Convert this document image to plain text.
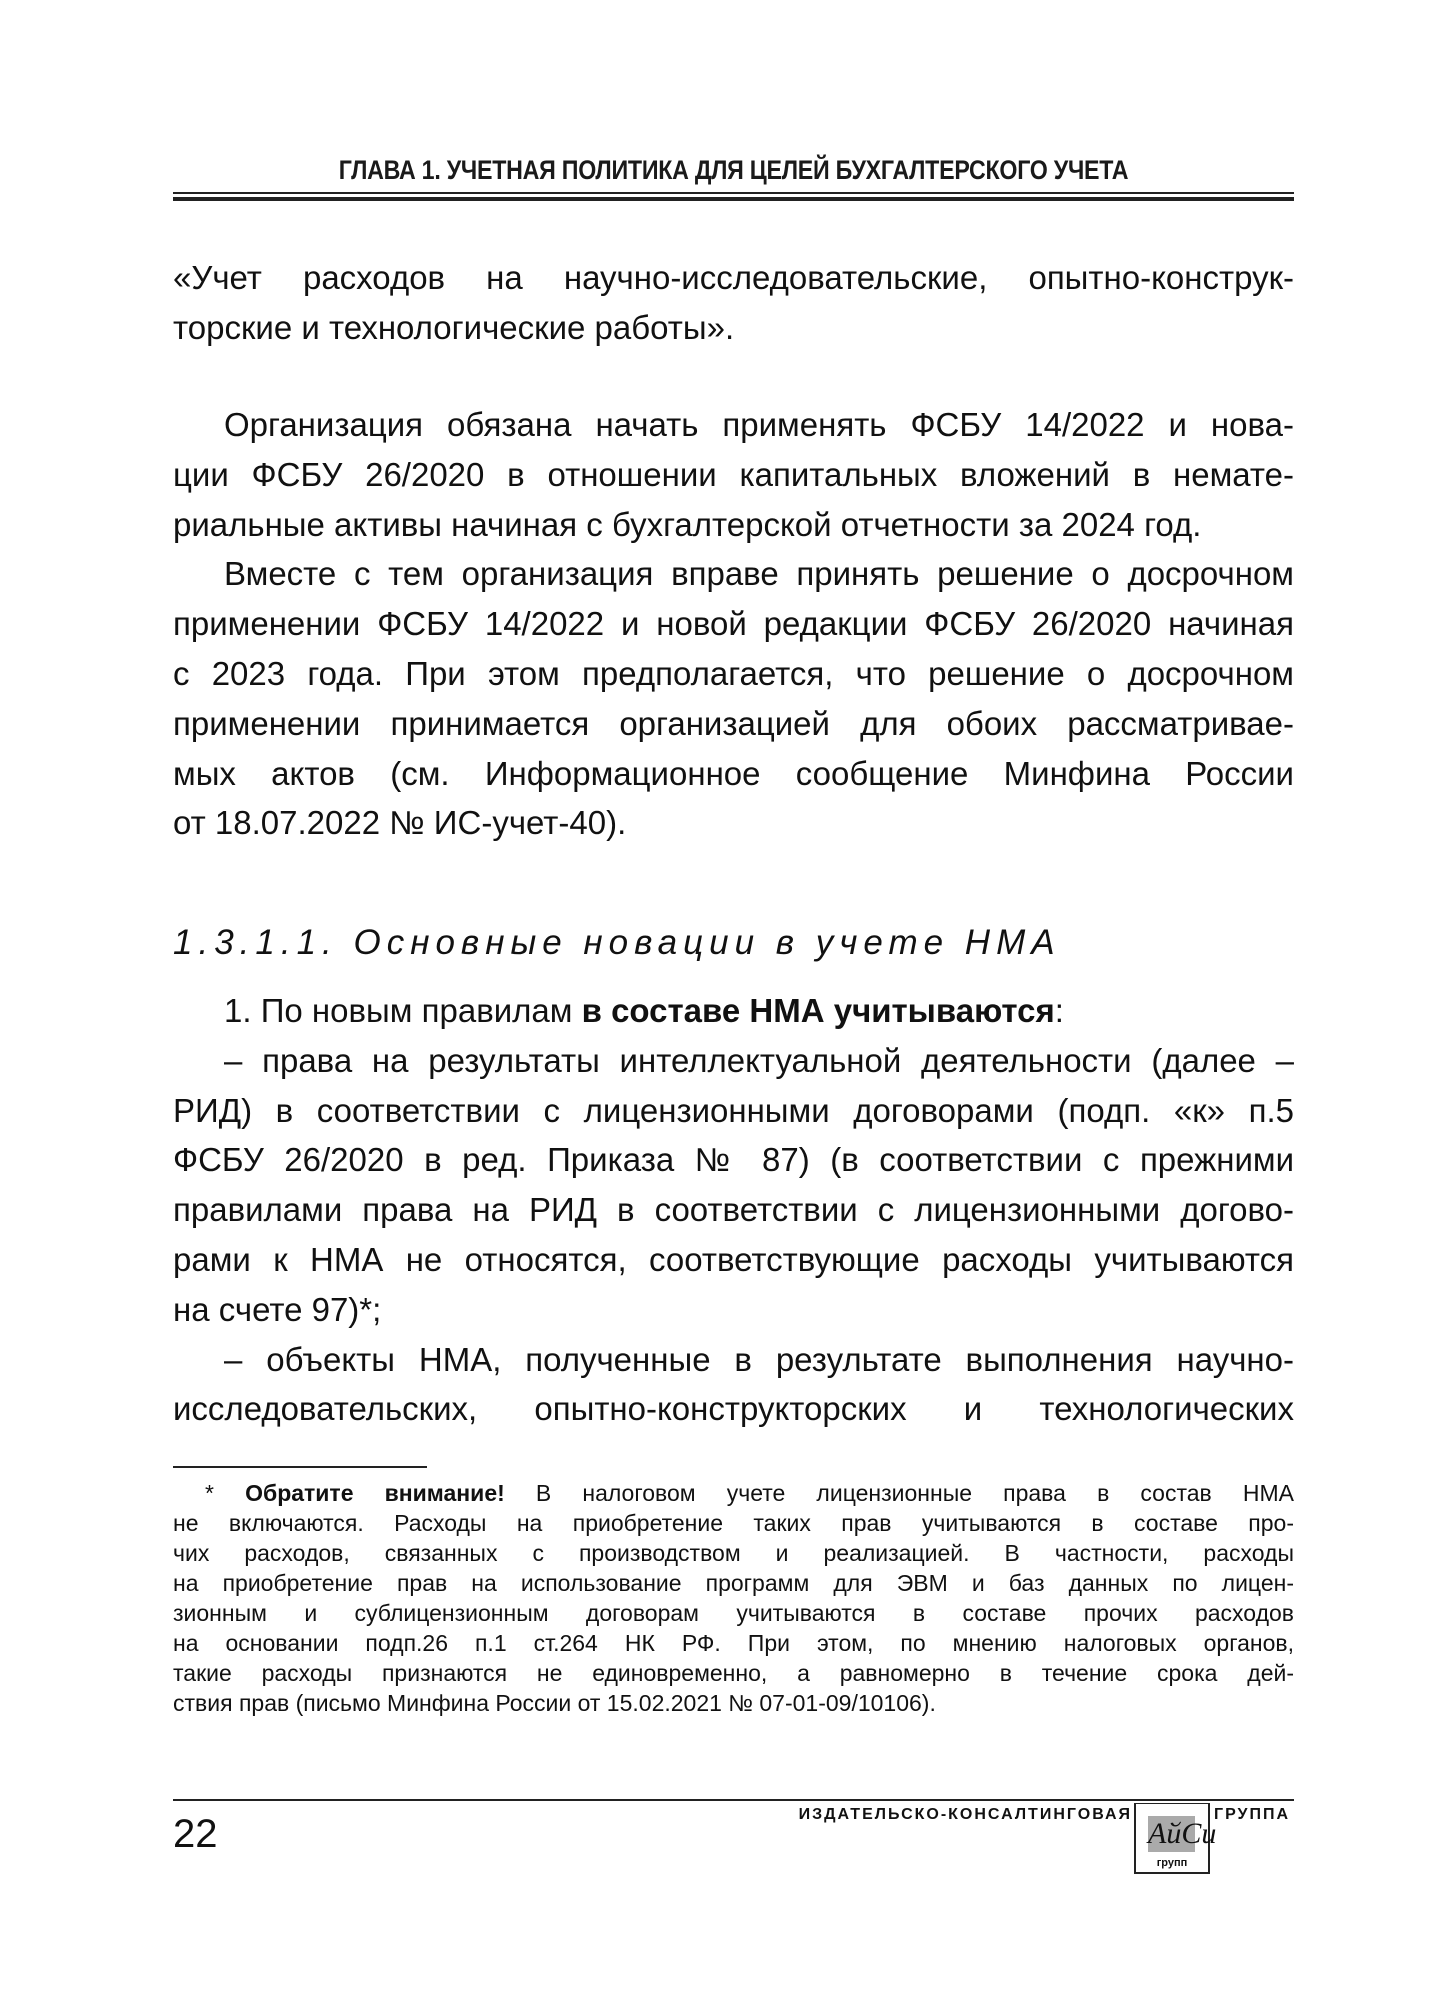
ГЛАВА 1. УЧЕТНАЯ ПОЛИТИКА ДЛЯ ЦЕЛЕЙ БУХГАЛТЕРСКОГО УЧЕТА
«Учет расходов на научно-исследовательские, опытно-конструк-
торские и технологические работы».
Организация обязана начать применять ФСБУ 14/2022 и нова-
ции ФСБУ 26/2020 в отношении капитальных вложений в немате-
риальные активы начиная с бухгалтерской отчетности за 2024 год.
Вместе с тем организация вправе принять решение о досрочном
применении ФСБУ 14/2022 и новой редакции ФСБУ 26/2020 начиная
с 2023 года. При этом предполагается, что решение о досрочном
применении принимается организацией для обоих рассматривае-
мых актов (см. Информационное сообщение Минфина России
от 18.07.2022 № ИС-учет-40).
1.3.1.1. Основные новации в учете НМА
1. По новым правилам в составе НМА учитываются:
– права на результаты интеллектуальной деятельности (далее –
РИД) в соответствии с лицензионными договорами (подп. «к» п.5
ФСБУ 26/2020 в ред. Приказа № 87) (в соответствии с прежними
правилами права на РИД в соответствии с лицензионными догово-
рами к НМА не относятся, соответствующие расходы учитываются
на счете 97)*;
– объекты НМА, полученные в результате выполнения научно-
исследовательских, опытно-конструкторских и технологических
* Обратите внимание! В налоговом учете лицензионные права в состав НМА
не включаются. Расходы на приобретение таких прав учитываются в составе про-
чих расходов, связанных с производством и реализацией. В частности, расходы
на приобретение прав на использование программ для ЭВМ и баз данных по лицен-
зионным и сублицензионным договорам учитываются в составе прочих расходов
на основании подп.26 п.1 ст.264 НК РФ. При этом, по мнению налоговых органов,
такие расходы признаются не единовременно, а равномерно в течение срока дей-
ствия прав (письмо Минфина России от 15.02.2021 № 07-01-09/10106).
22	ИЗДАТЕЛЬСКО-КОНСАЛТИНГОВАЯ
АйСи
групп
ГРУППА
